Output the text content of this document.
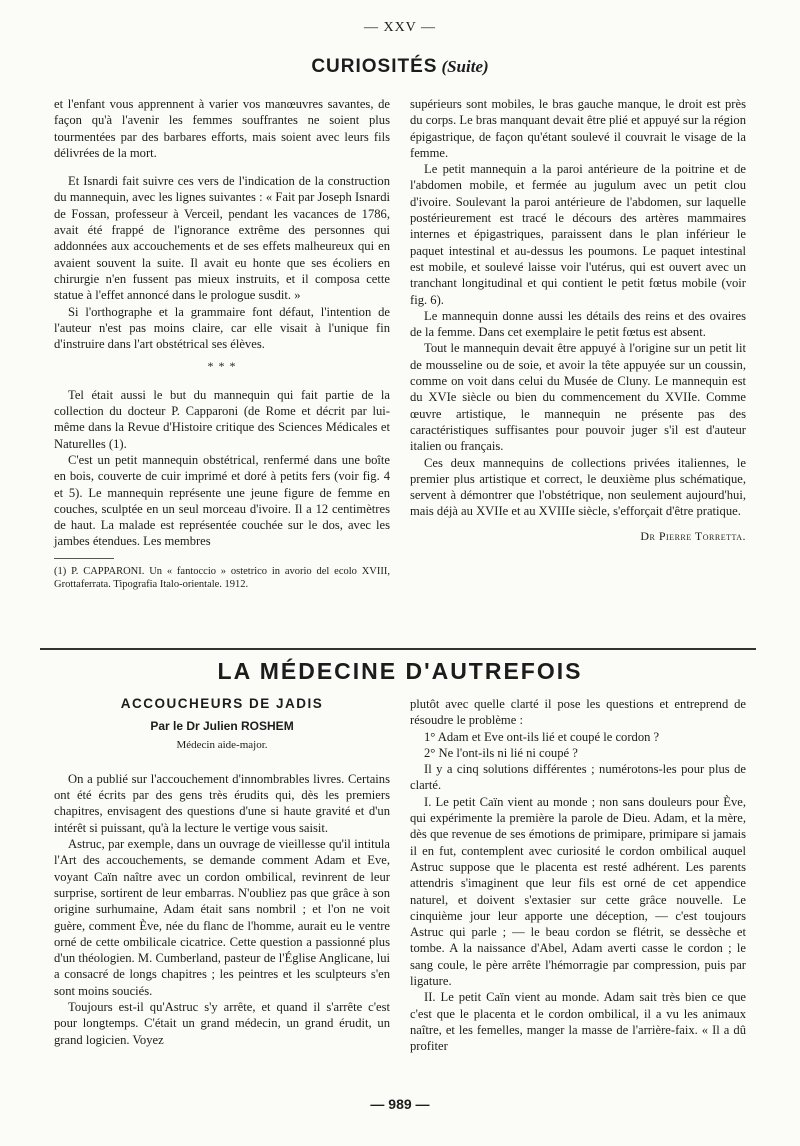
— XXV —
CURIOSITÉS (Suite)

et l'enfant vous apprennent à varier vos manœuvres savantes, de façon qu'à l'avenir les femmes souffrantes ne soient plus tourmentées par des barbares efforts, mais soient avec leurs fils délivrées de la mort.

Et Isnardi fait suivre ces vers de l'indication de la construction du mannequin, avec les lignes suivantes : « Fait par Joseph Isnardi de Fossan, professeur à Verceil, pendant les vacances de 1786, avait été frappé de l'ignorance extrême des personnes qui addonnées aux accouchements et de ses effets malheureux qui en avaient souvent la suite. Il avait eu honte que ses écoliers en chirurgie n'en fussent pas mieux instruits, et il composa cette statue à l'effet annoncé dans le prologue susdit. »

Si l'orthographe et la grammaire font défaut, l'intention de l'auteur n'est pas moins claire, car elle visait à l'unique fin d'instruire dans l'art obstétrical ses élèves.

* * *

Tel était aussi le but du mannequin qui fait partie de la collection du docteur P. Capparoni (de Rome et décrit par lui-même dans la Revue d'Histoire critique des Sciences Médicales et Naturelles (1).

C'est un petit mannequin obstétrical, renfermé dans une boîte en bois, couverte de cuir imprimé et doré à petits fers (voir fig. 4 et 5). Le mannequin représente une jeune figure de femme en couches, sculptée en un seul morceau d'ivoire. Il a 12 centimètres de haut. La malade est représentée couchée sur le dos, avec les jambes étendues. Les membres

(1) P. CAPPARONI. Un « fantoccio » ostetrico in avorio del ecolo XVIII, Grottaferrata. Tipografia Italo-orientale. 1912.

supérieurs sont mobiles, le bras gauche manque, le droit est près du corps. Le bras manquant devait être plié et appuyé sur la région épigastrique, de façon qu'étant soulevé il couvrait le visage de la femme.

Le petit mannequin a la paroi antérieure de la poitrine et de l'abdomen mobile, et fermée au jugulum avec un petit clou d'ivoire. Soulevant la paroi antérieure de l'abdomen, sur laquelle postérieurement est tracé le décours des artères mammaires internes et épigastriques, paraissent dans le plan inférieur le paquet intestinal et au-dessus les poumons. Le paquet intestinal est mobile, et soulevé laisse voir l'utérus, qui est ouvert avec un tranchant longitudinal et qui contient le petit fœtus mobile (voir fig. 6).

Le mannequin donne aussi les détails des reins et des ovaires de la femme. Dans cet exemplaire le petit fœtus est absent.

Tout le mannequin devait être appuyé à l'origine sur un petit lit de mousseline ou de soie, et avoir la tête appuyée sur un coussin, comme on voit dans celui du Musée de Cluny. Le mannequin est du XVIe siècle ou bien du commencement du XVIIe. Comme œuvre artistique, le mannequin ne présente pas des caractéristiques suffisantes pour pouvoir juger s'il est d'auteur italien ou français.

Ces deux mannequins de collections privées italiennes, le premier plus artistique et correct, le deuxième plus schématique, servent à démontrer que l'obstétrique, non seulement aujourd'hui, mais déjà au XVIIe et au XVIIIe siècle, s'efforçait d'être pratique.

Dr Pierre Torretta.
LA MÉDECINE D'AUTREFOIS
ACCOUCHEURS DE JADIS
Par le Dr Julien ROSHEM
Médecin aide-major.

On a publié sur l'accouchement d'innombrables livres. Certains ont été écrits par des gens très érudits qui, dès les premiers chapitres, envisagent des questions d'une si haute gravité et d'un intérêt si puissant, qu'à la lecture le vertige vous saisit.

Astruc, par exemple, dans un ouvrage de vieillesse qu'il intitula l'Art des accouchements, se demande comment Adam et Eve, voyant Caïn naître avec un cordon ombilical, revinrent de leur surprise, sortirent de leur embarras. N'oubliez pas que grâce à son origine surhumaine, Adam était sans nombril ; et l'on ne voit guère, comment Ève, née du flanc de l'homme, aurait eu le ventre orné de cette ombilicale cicatrice. Cette question a passionné plus d'un théologien. M. Cumberland, pasteur de l'Église Anglicane, lui a consacré de longs chapitres ; les peintres et les sculpteurs s'en sont moins souciés.

Toujours est-il qu'Astruc s'y arrête, et quand il s'arrête c'est pour longtemps. C'était un grand médecin, un grand érudit, un grand logicien. Voyez

plutôt avec quelle clarté il pose les questions et entreprend de résoudre le problème :

1° Adam et Eve ont-ils lié et coupé le cordon ?

2° Ne l'ont-ils ni lié ni coupé ?

Il y a cinq solutions différentes ; numérotons-les pour plus de clarté.

I. Le petit Caïn vient au monde ; non sans douleurs pour Ève, qui expérimente la première la parole de Dieu. Adam, et la mère, dès que revenue de ses émotions de primipare, primipare si jamais il en fut, contemplent avec curiosité le cordon ombilical auquel Astruc suppose que le placenta est resté adhérent. Les parents attendris s'imaginent que leur fils est orné de cet appendice naturel, et doivent s'extasier sur cette grâce nouvelle. Le cinquième jour leur apporte une déception, — c'est toujours Astruc qui parle ; — le beau cordon se flétrit, se dessèche et tombe. A la naissance d'Abel, Adam averti casse le cordon ; le sang coule, le père arrête l'hémorragie par compression, puis par ligature.

II. Le petit Caïn vient au monde. Adam sait très bien ce que c'est que le placenta et le cordon ombilical, il a vu les animaux naître, et les femelles, manger la masse de l'arrière-faix. « Il a dû profiter

— 989 —
